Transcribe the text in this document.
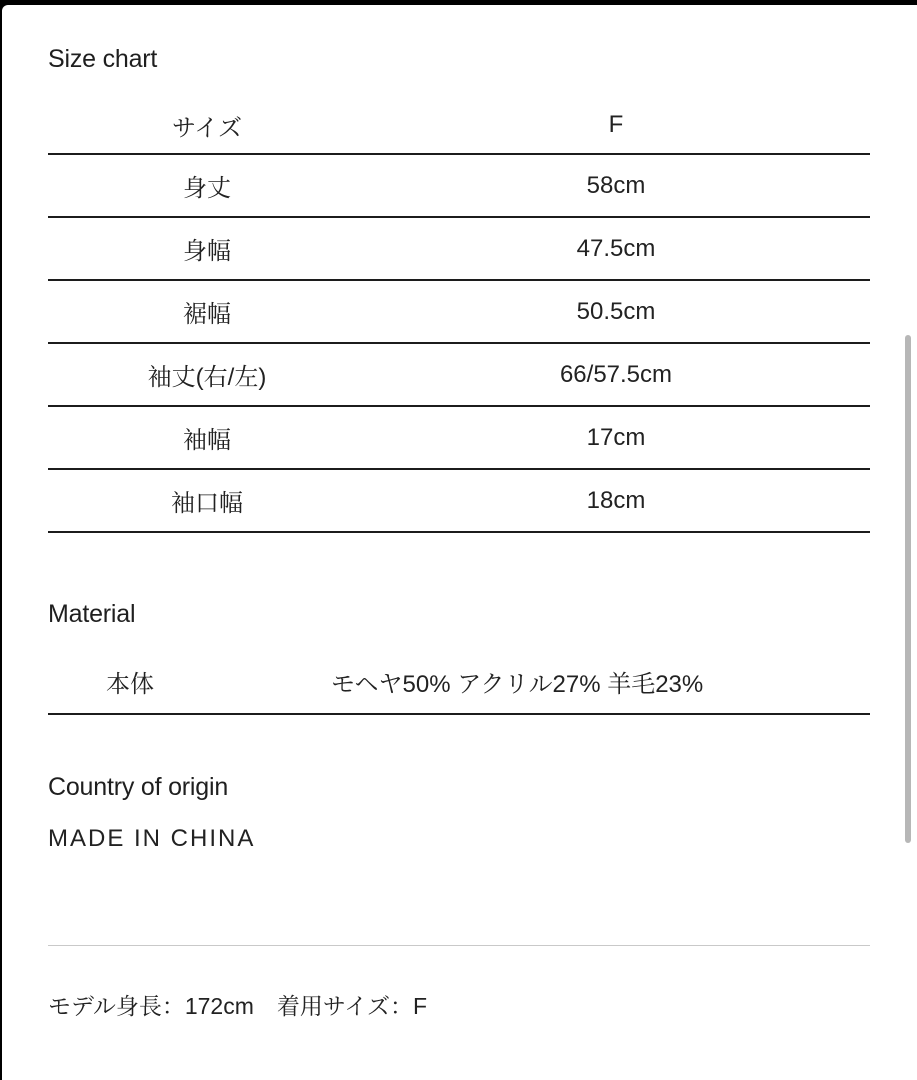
Size chart
サイズ	F
身丈	58cm
身幅	47.5cm
裾幅	50.5cm
袖丈(右/左)	66/57.5cm
袖幅	17cm
袖口幅	18cm
Material
本体	モヘヤ50% アクリル27% 羊毛23%
Country of origin
MADE IN CHINA
モデル身長：172cm　着用サイズ：F
